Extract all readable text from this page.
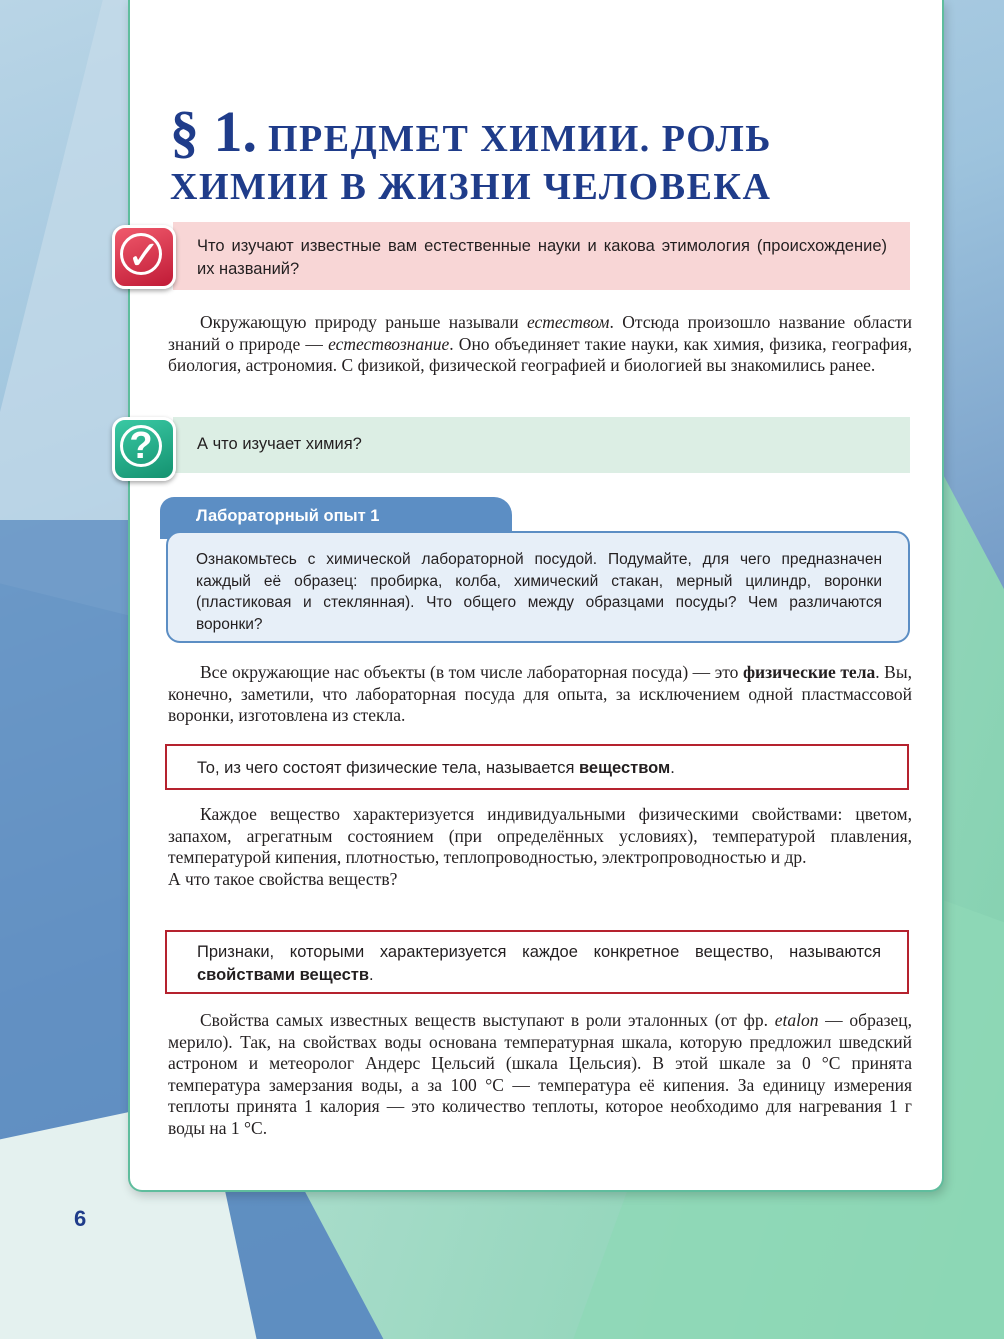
§ 1. ПРЕДМЕТ ХИМИИ. РОЛЬ
ХИМИИ В ЖИЗНИ ЧЕЛОВЕКА
Что изучают известные вам естественные науки и какова этимология (происхождение) их названий?
✓

Окружающую природу раньше называли естеством. Отсюда произошло название области знаний о природе — естествознание. Оно объединяет такие науки, как химия, физика, география, биология, астрономия. С физикой, физической географией и биологией вы знакомились ранее.

А что изучает химия?
?
Лабораторный опыт 1
Ознакомьтесь с химической лабораторной посудой. Подумайте, для чего предназначен каждый её образец: пробирка, колба, химический стакан, мерный цилиндр, воронки (пластиковая и стеклянная). Что общего между образцами посуды? Чем различаются воронки?

Все окружающие нас объекты (в том числе лабораторная посуда) — это физические тела. Вы, конечно, заметили, что лабораторная посуда для опыта, за исключением одной пластмассовой воронки, изготовлена из стекла.

То, из чего состоят физические тела, называется веществом.

Каждое вещество характеризуется индивидуальными физическими свойствами: цветом, запахом, агрегатным состоянием (при определённых условиях), температурой плавления, температурой кипения, плотностью, теплопроводностью, электропроводностью и др.
А что такое свойства веществ?

Признаки, которыми характеризуется каждое конкретное вещество, называются свойствами веществ.

Свойства самых известных веществ выступают в роли эталонных (от фр. etalon — образец, мерило). Так, на свойствах воды основана температурная шкала, которую предложил шведский астроном и метеоролог Андерс Цельсий (шкала Цельсия). В этой шкале за 0 °C принята температура замерзания воды, а за 100 °C — температура её кипения. За единицу измерения теплоты принята 1 калория — это количество теплоты, которое необходимо для нагревания 1 г воды на 1 °C.

6
